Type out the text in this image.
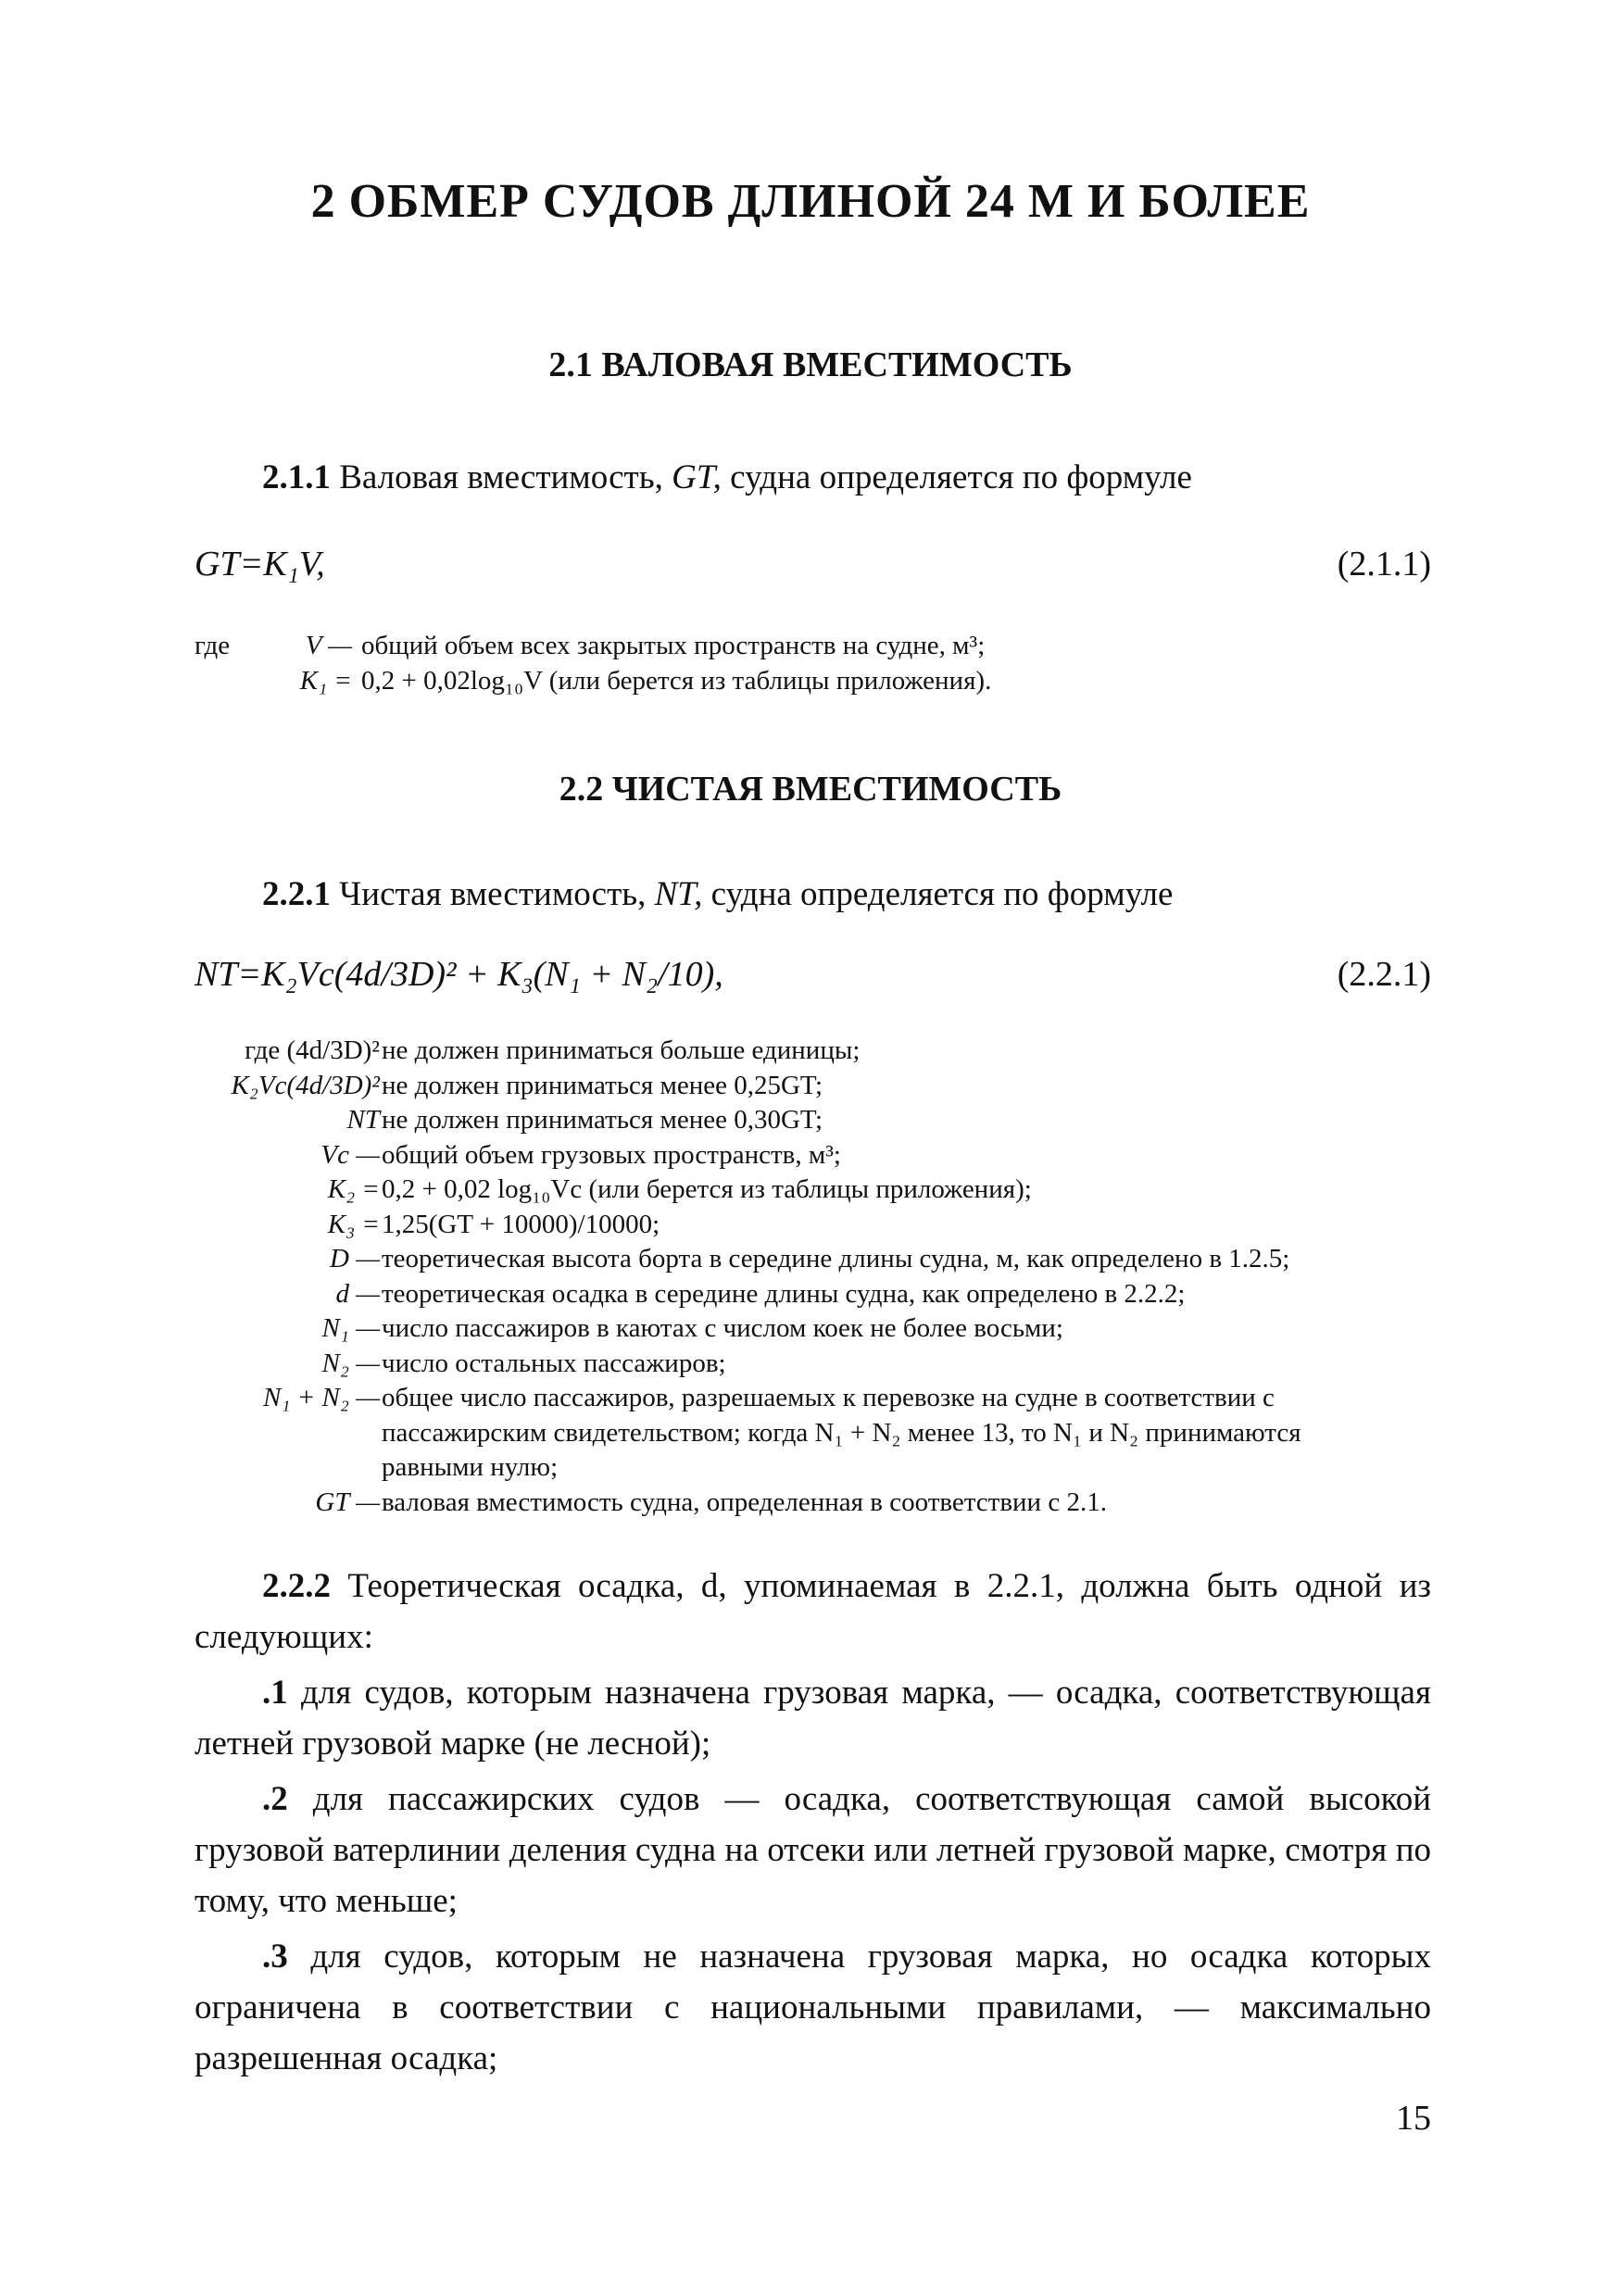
2 ОБМЕР СУДОВ ДЛИНОЙ 24 М И БОЛЕЕ
2.1 ВАЛОВАЯ ВМЕСТИМОСТЬ
2.1.1 Валовая вместимость, GT, судна определяется по формуле
GT=K₁V,	(2.1.1)
где	V — общий объем всех закрытых пространств на судне, м³;
K₁ = 0,2 + 0,02log₁₀V (или берется из таблицы приложения).
2.2 ЧИСТАЯ ВМЕСТИМОСТЬ
2.2.1 Чистая вместимость, NT, судна определяется по формуле
NT=K₂Vc(4d/3D)² + K₃(N₁ + N₂/10),	(2.2.1)
где (4d/3D)² не должен приниматься больше единицы;
K₂Vc(4d/3D)² не должен приниматься менее 0,25GT;
NT не должен приниматься менее 0,30GT;
Vc — общий объем грузовых пространств, м³;
K₂ = 0,2 + 0,02 log₁₀Vc (или берется из таблицы приложения);
K₃ = 1,25(GT + 10000)/10000;
D — теоретическая высота борта в середине длины судна, м, как определено в 1.2.5;
d — теоретическая осадка в середине длины судна, как определено в 2.2.2;
N₁ — число пассажиров в каютах с числом коек не более восьми;
N₂ — число остальных пассажиров;
N₁ + N₂ — общее число пассажиров, разрешаемых к перевозке на судне в соответствии с
пассажирским свидетельством; когда N₁ + N₂ менее 13, то N₁ и N₂ принимаются
равными нулю;
GT — валовая вместимость судна, определенная в соответствии с 2.1.
2.2.2 Теоретическая осадка, d, упоминаемая в 2.2.1, должна быть одной из следующих:
.1 для судов, которым назначена грузовая марка, — осадка, соответствующая летней грузовой марке (не лесной);
.2 для пассажирских судов — осадка, соответствующая самой высокой грузовой ватерлинии деления судна на отсеки или летней грузовой марке, смотря по тому, что меньше;
.3 для судов, которым не назначена грузовая марка, но осадка которых ограничена в соответствии с национальными правилами, — максимально разрешенная осадка;
15
